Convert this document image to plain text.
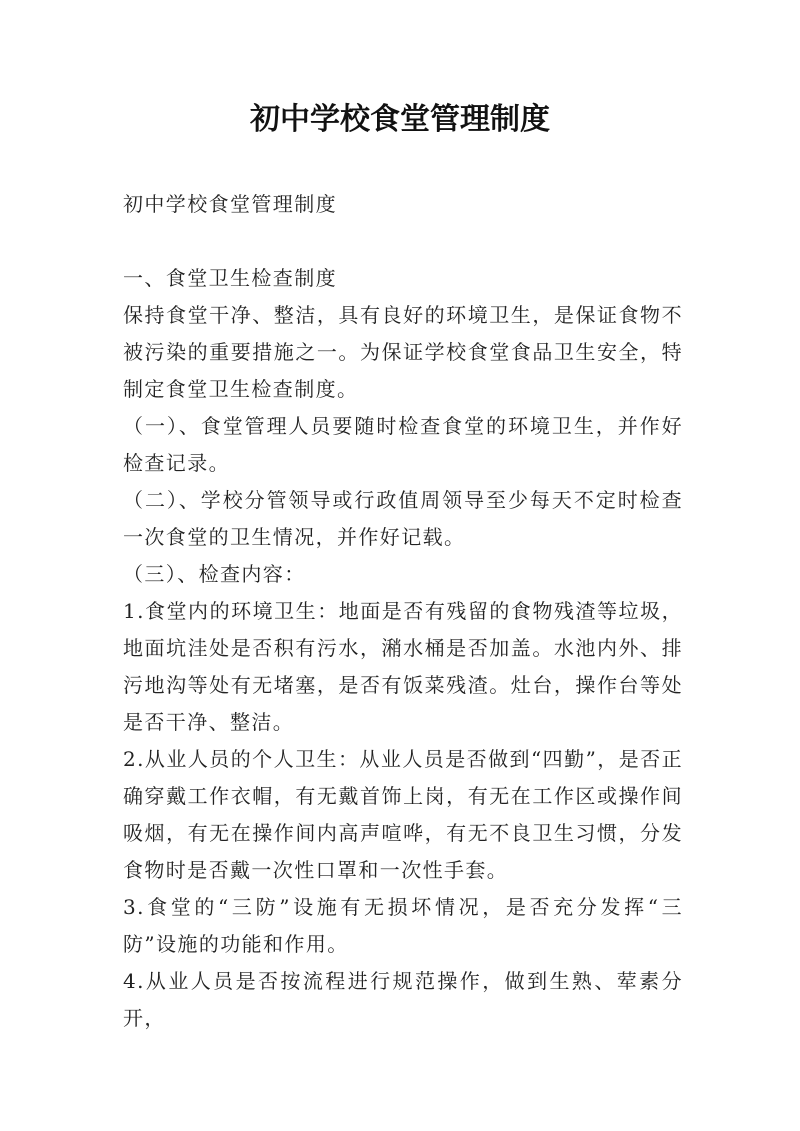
初中学校食堂管理制度

初中学校食堂管理制度

一、食堂卫生检查制度

保持食堂干净、整洁，具有良好的环境卫生，是保证食物不被污染的重要措施之一。为保证学校食堂食品卫生安全，特制定食堂卫生检查制度。

（一）、食堂管理人员要随时检查食堂的环境卫生，并作好检查记录。

（二）、学校分管领导或行政值周领导至少每天不定时检查一次食堂的卫生情况，并作好记载。

（三）、检查内容：

1.食堂内的环境卫生：地面是否有残留的食物残渣等垃圾，地面坑洼处是否积有污水，潲水桶是否加盖。水池内外、排污地沟等处有无堵塞，是否有饭菜残渣。灶台，操作台等处是否干净、整洁。

2.从业人员的个人卫生：从业人员是否做到“四勤”，是否正确穿戴工作衣帽，有无戴首饰上岗，有无在工作区或操作间吸烟，有无在操作间内高声喧哗，有无不良卫生习惯，分发食物时是否戴一次性口罩和一次性手套。

3.食堂的“三防”设施有无损坏情况，是否充分发挥“三防”设施的功能和作用。

4.从业人员是否按流程进行规范操作，做到生熟、荤素分开，
